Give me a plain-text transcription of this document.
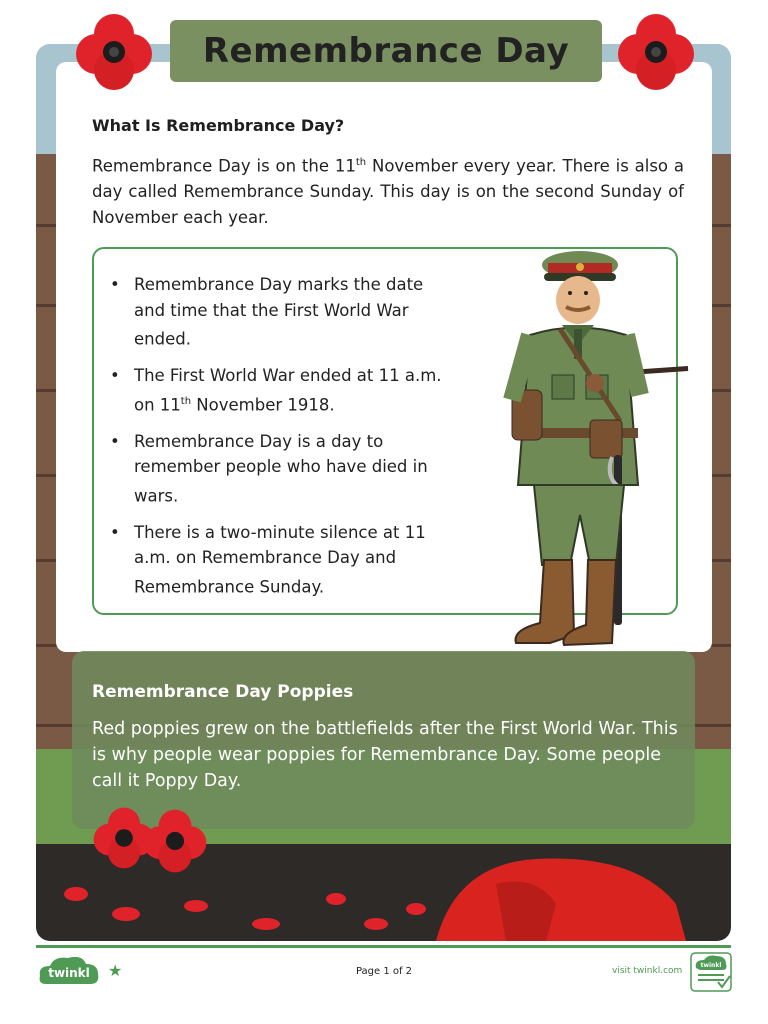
Remembrance Day
What Is Remembrance Day?

Remembrance Day is on the 11th November every year. There is also a day called Remembrance Sunday. This day is on the second Sunday of November each year.

• Remembrance Day marks the date and time that the First World War ended.
• The First World War ended at 11 a.m. on 11th November 1918.
• Remembrance Day is a day to remember people who have died in wars.
• There is a two-minute silence at 11 a.m. on Remembrance Day and Remembrance Sunday.
Remembrance Day Poppies

Red poppies grew on the battlefields after the First World War. This is why people wear poppies for Remembrance Day. Some people call it Poppy Day.

twinkl ★	Page 1 of 2	visit twinkl.com
twinkl
